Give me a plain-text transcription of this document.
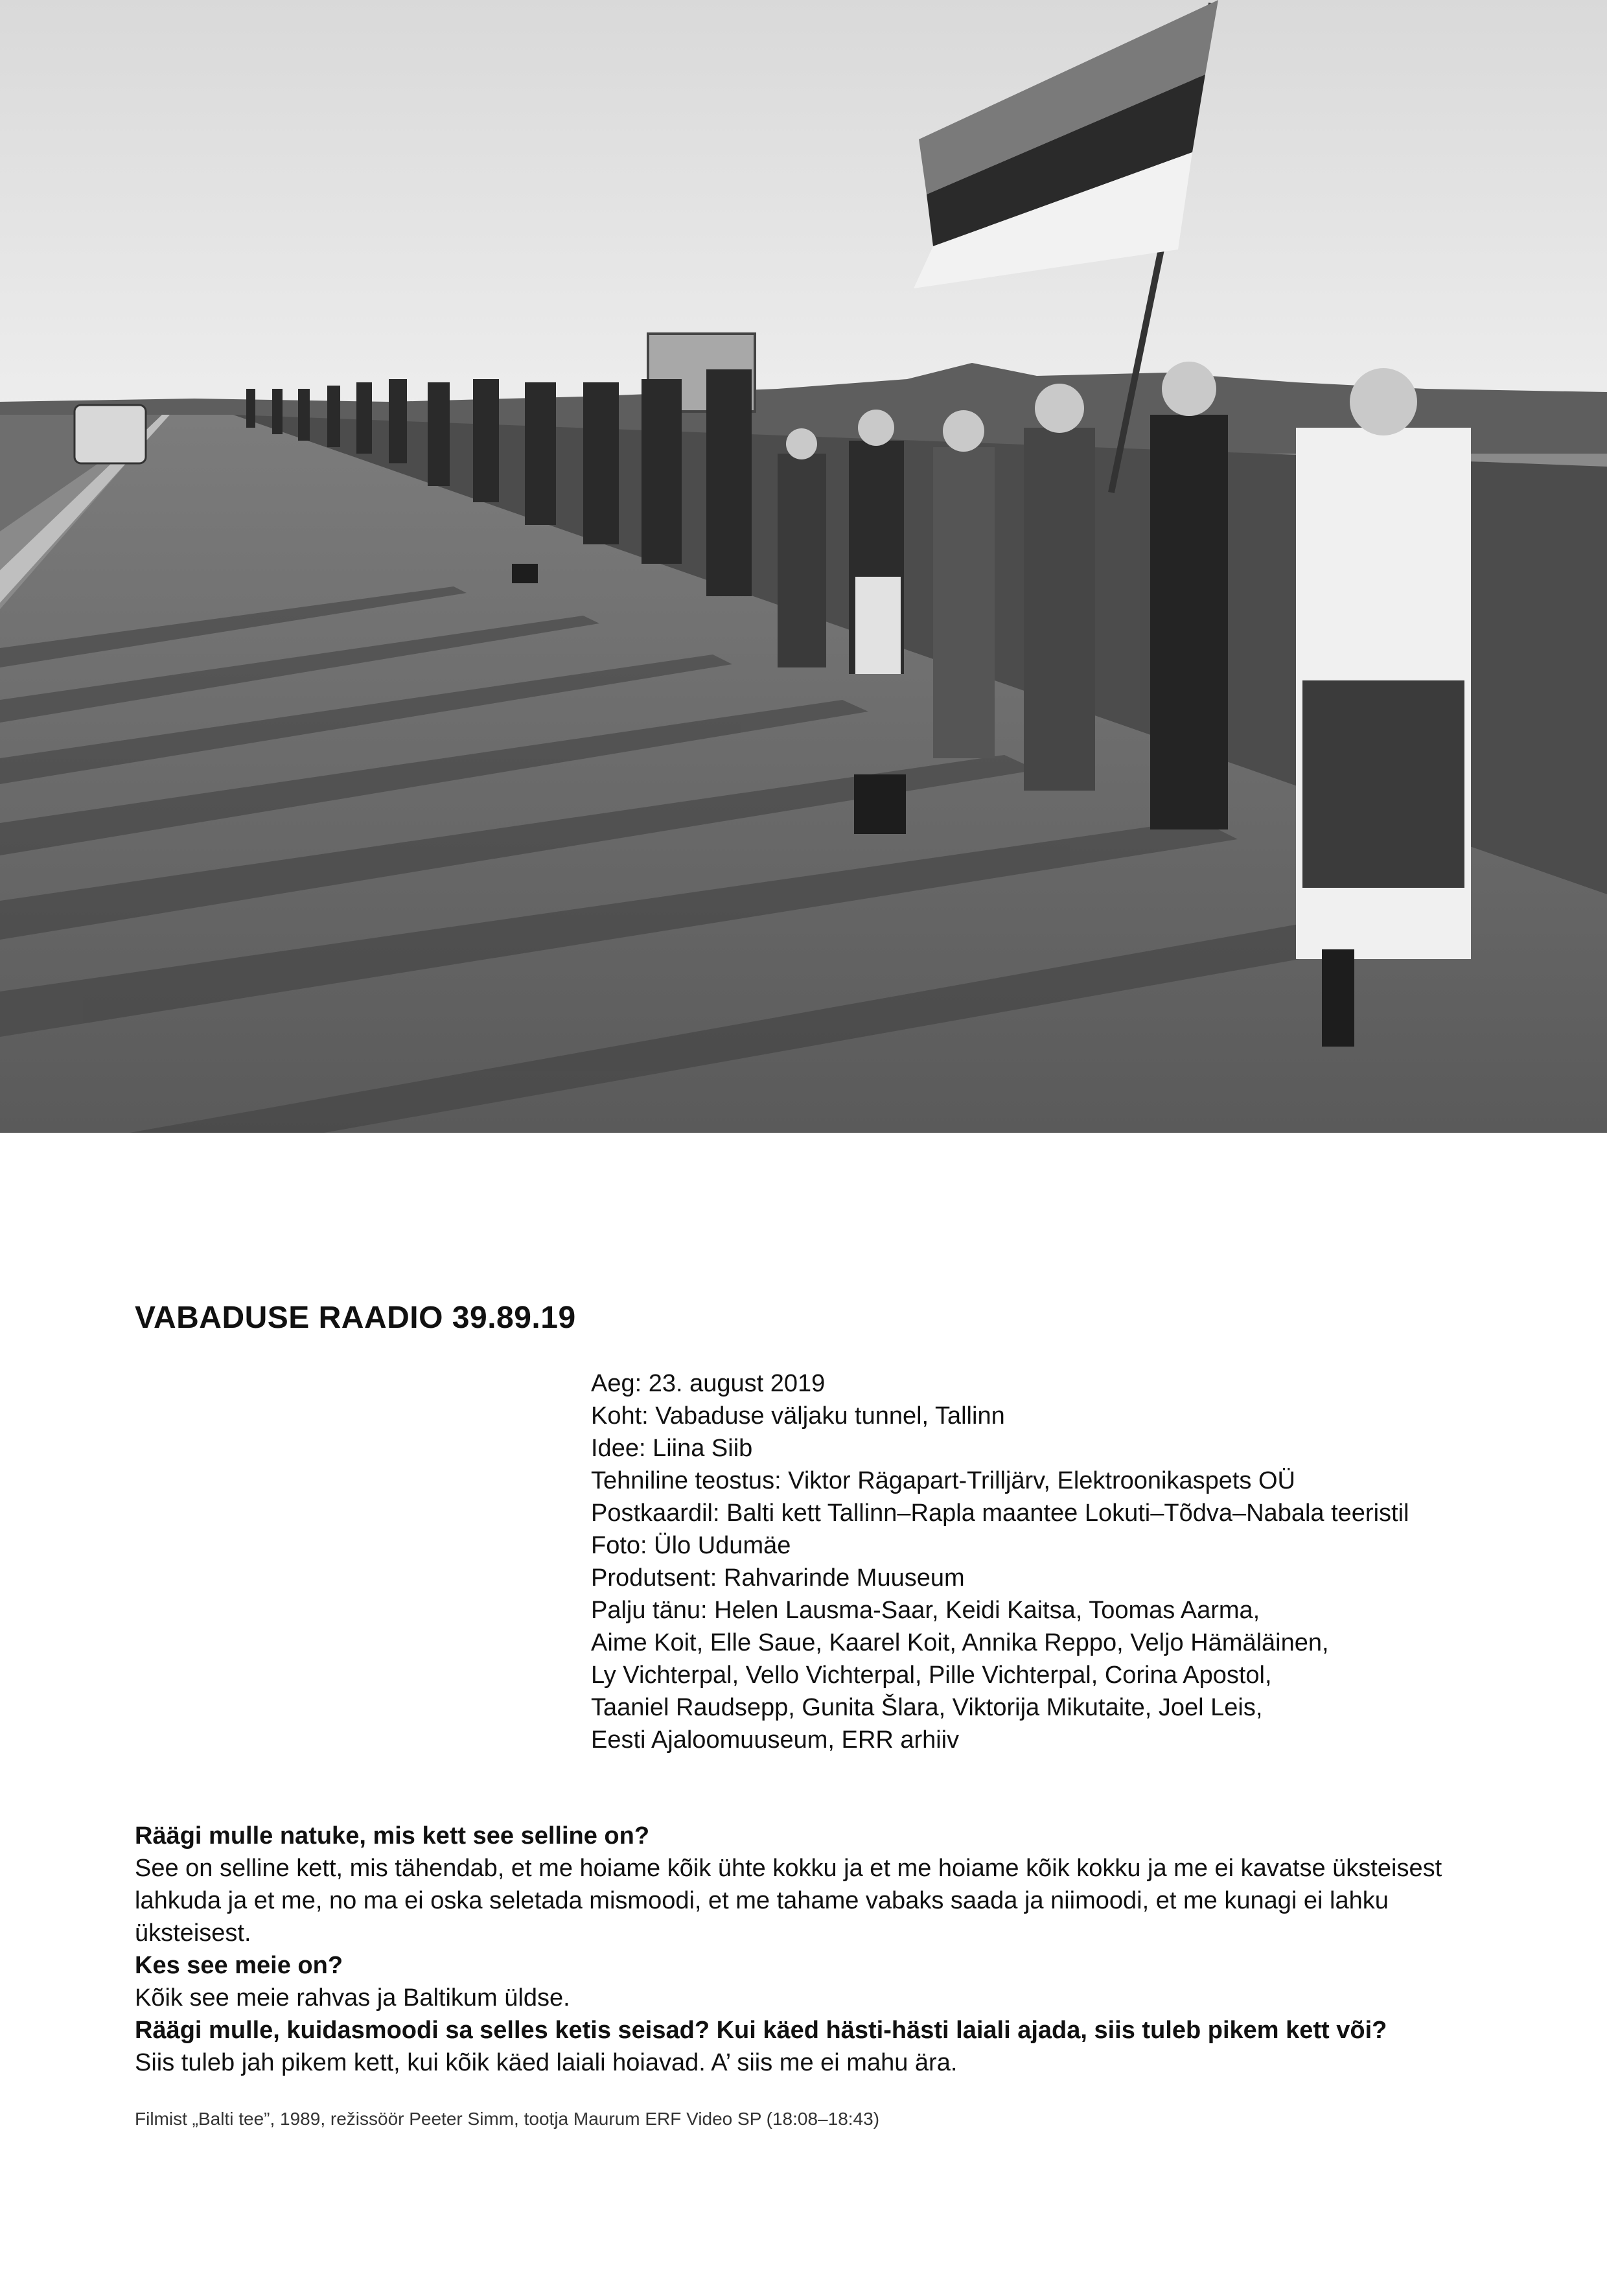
VABADUSE RAADIO 39.89.19
Aeg: 23. august 2019
Koht: Vabaduse väljaku tunnel, Tallinn
Idee: Liina Siib
Tehniline teostus: Viktor Rägapart-Trilljärv, Elektroonikaspets OÜ
Postkaardil: Balti kett Tallinn–Rapla maantee Lokuti–Tõdva–Nabala teeristil
Foto: Ülo Udumäe
Produtsent: Rahvarinde Muuseum
Palju tänu: Helen Lausma-Saar, Keidi Kaitsa, Toomas Aarma,
Aime Koit, Elle Saue, Kaarel Koit, Annika Reppo, Veljo Hämäläinen,
Ly Vichterpal, Vello Vichterpal, Pille Vichterpal, Corina Apostol,
Taaniel Raudsepp, Gunita Šlara, Viktorija Mikutaite, Joel Leis,
Eesti Ajaloomuuseum, ERR arhiiv
Räägi mulle natuke, mis kett see selline on?
See on selline kett, mis tähendab, et me hoiame kõik ühte kokku ja et me hoiame kõik kokku ja me ei kavatse üksteisest lahkuda ja et me, no ma ei oska seletada mismoodi, et me tahame vabaks saada ja niimoodi, et me kunagi ei lahku üksteisest.
Kes see meie on?
Kõik see meie rahvas ja Baltikum üldse.
Räägi mulle, kuidasmoodi sa selles ketis seisad? Kui käed hästi-hästi laiali ajada, siis tuleb pikem kett või?
Siis tuleb jah pikem kett, kui kõik käed laiali hoiavad. A’ siis me ei mahu ära.
Filmist „Balti tee”, 1989, režissöör Peeter Simm, tootja Maurum ERF Video SP (18:08–18:43)
